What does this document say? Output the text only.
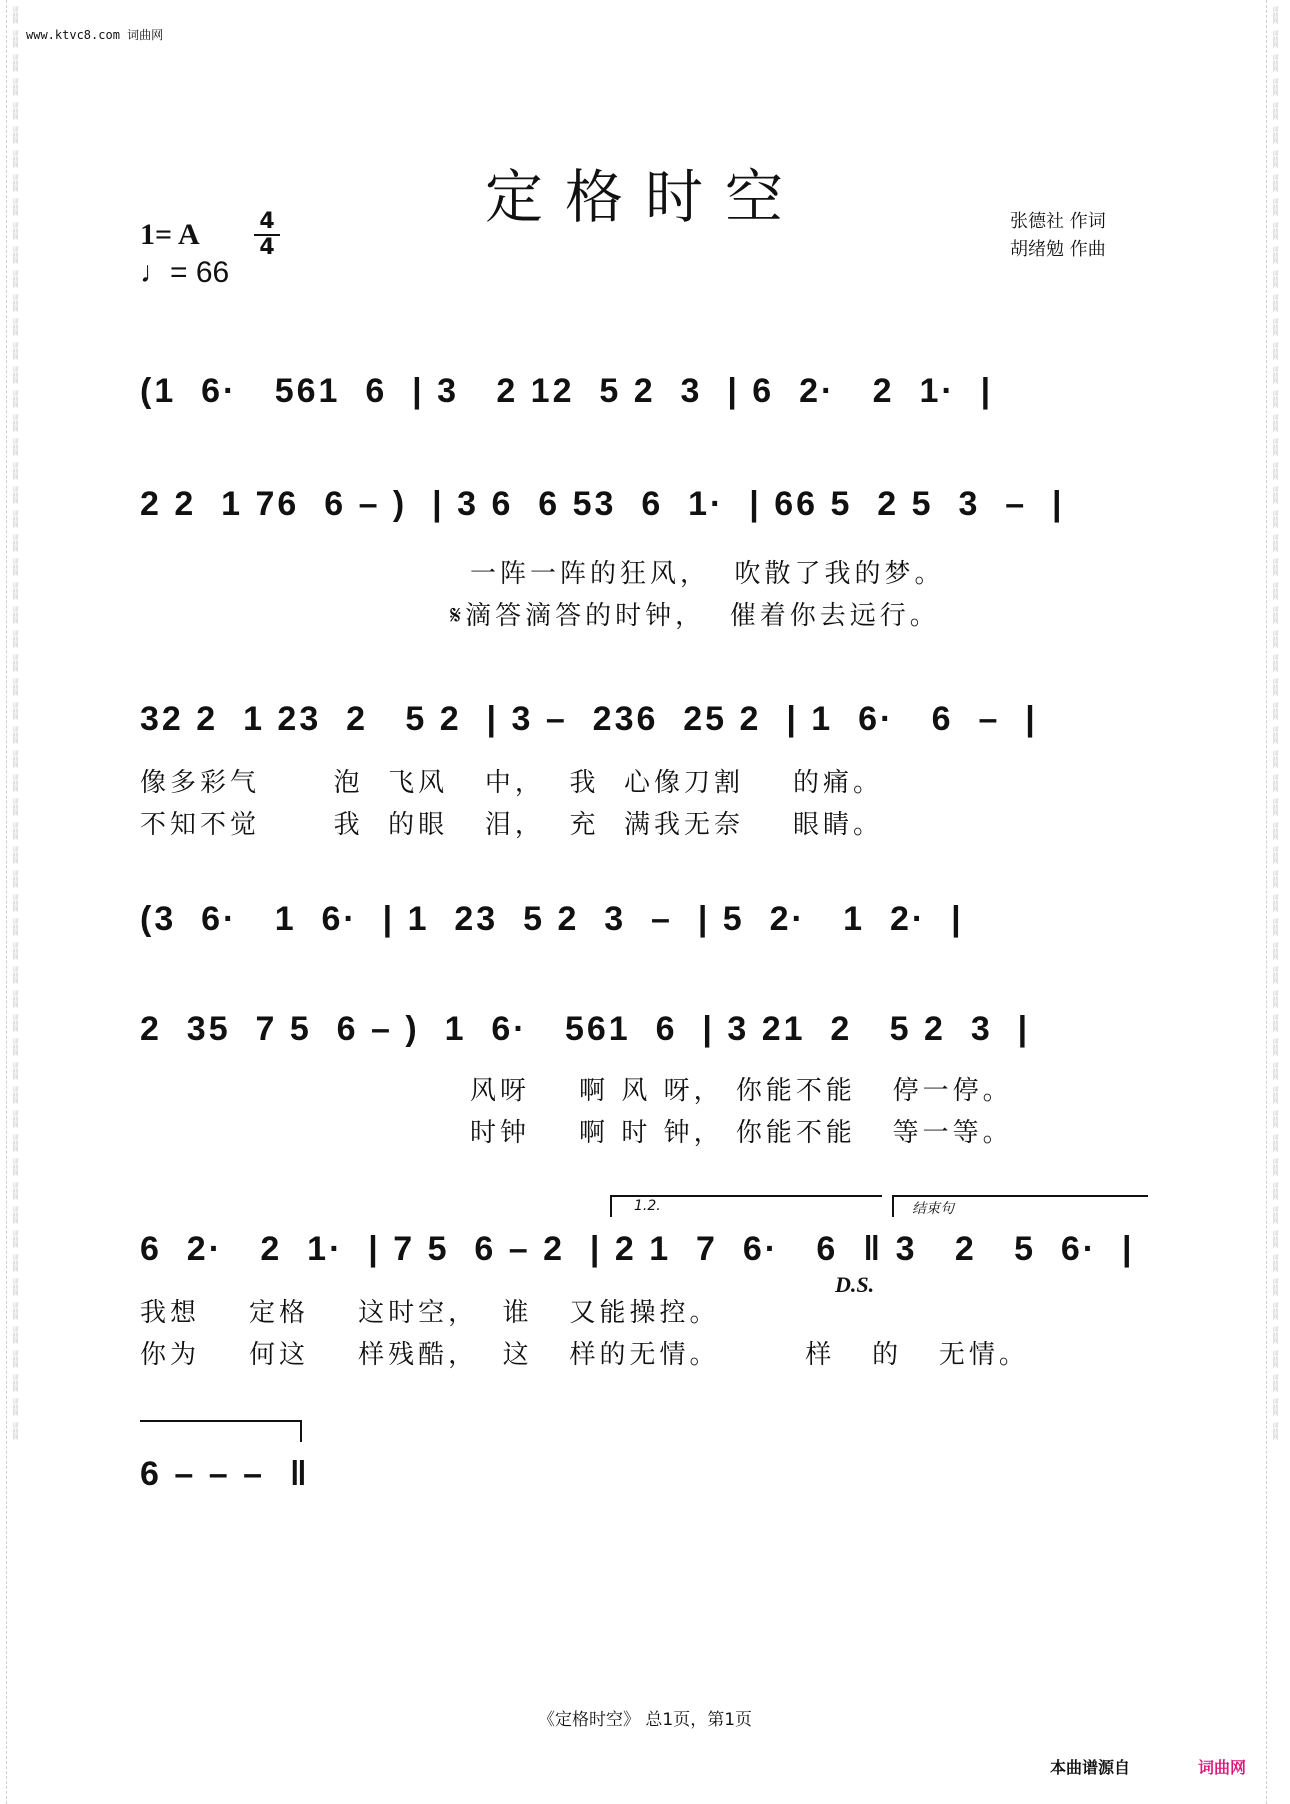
词曲网
词曲网
词曲网
词曲网
词曲网
词曲网
词曲网
词曲网
词曲网
词曲网
词曲网
词曲网
词曲网
词曲网
词曲网
词曲网
词曲网
词曲网
词曲网
词曲网
词曲网
词曲网
词曲网
词曲网
词曲网
词曲网
词曲网
词曲网
词曲网
词曲网
词曲网
词曲网
词曲网
词曲网
词曲网
词曲网
词曲网
词曲网
词曲网
词曲网
词曲网
词曲网
词曲网
词曲网
词曲网
词曲网
词曲网
词曲网
词曲网
词曲网
词曲网
词曲网
词曲网
词曲网
词曲网
词曲网
词曲网
词曲网
词曲网
词曲网
词曲网
词曲网
词曲网
词曲网
词曲网
词曲网
词曲网
词曲网
词曲网
词曲网
词曲网
词曲网
词曲网
词曲网
词曲网
词曲网
词曲网
词曲网
词曲网
词曲网
词曲网
词曲网
词曲网
词曲网
词曲网
词曲网
词曲网
词曲网
词曲网
词曲网
词曲网
词曲网
词曲网
词曲网
词曲网
词曲网
词曲网
词曲网
词曲网
词曲网
词曲网
词曲网
词曲网
词曲网
词曲网
词曲网
词曲网
词曲网
词曲网
词曲网
词曲网
词曲网
词曲网
词曲网
词曲网
词曲网
词曲网
词曲网
词曲网
词曲网
www.ktvc8.com 词曲网
定格时空
1= A	4
4
♩= 66
张德社 作词
胡绪勉 作曲
(1  6·   561  6  | 3   2 12  5 2  3  | 6  2·   2  1·  |
2 2  1 76  6 – )  | 3 6  6 53  6  1·  | 66 5  2 5  3  –  |
一阵一阵的狂风，  吹散了我的梦。
𝄋滴答滴答的时钟，  催着你去远行。
32 2  1 23  2   5 2  | 3 –  236  25 2  | 1  6·   6  –  |
像多彩气      泡  飞风   中，  我  心像刀割    的痛。
不知不觉      我  的眼   泪，  充  满我无奈    眼睛。
(3  6·   1  6·  | 1  23  5 2  3  –  | 5  2·   1  2·  |
2  35  7 5  6 – )  1  6·   561  6  | 3 21  2   5 2  3  |
风呀    啊 风 呀， 你能不能   停一停。
时钟    啊 时 钟， 你能不能   等一等。
1.2.	结束句
6  2·   2  1·  | 7 5  6 – 2  | 2 1  7  6·   6  ‖ 3   2   5  6·  |
D.S.
我想    定格    这时空，  谁   又能操控。
你为    何这    样残酷，  这   样的无情。       样   的   无情。
6 – – –  ‖
《定格时空》 总1页，第1页
本曲谱源自	词曲网
